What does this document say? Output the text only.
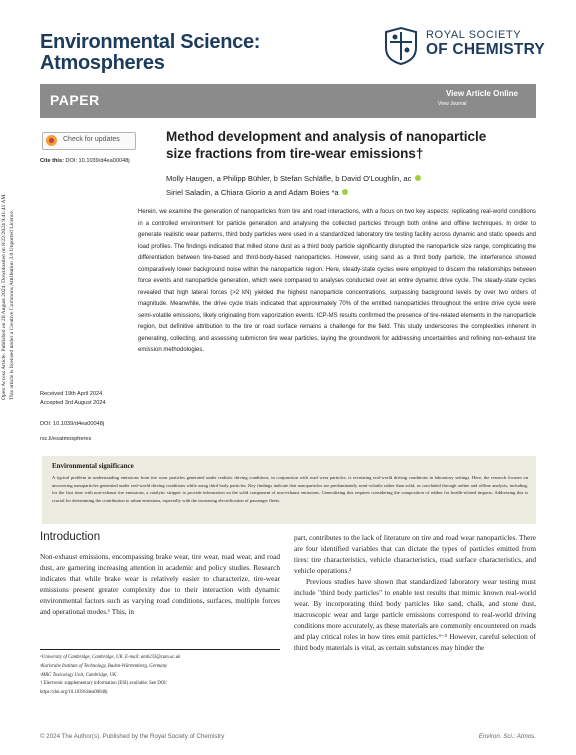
Environmental Science:
Atmospheres
ROYAL SOCIETY
OF CHEMISTRY
PAPER	View Article Online
View Journal
Open Access Article. Published on 20 August 2024. Downloaded on 8/22/2024 9:41:41 AM. This article is licensed under a Creative Commons Attribution 3.0 Unported Licence.
Check for updates
Cite this: DOI: 10.1039/d4ea00048j
Method development and analysis of nanoparticle size fractions from tire-wear emissions†
Molly Haugen, a Philipp Bühler, b Stefan Schläfle, b David O'Loughlin, ac
Siriel Saladin, a Chiara Giorio a and Adam Boies *a
Herein, we examine the generation of nanoparticles from tire and road interactions, with a focus on two key aspects: replicating real-world conditions in a controlled environment for particle generation and analysing the collected particles through both online and offline techniques. In order to generate realistic wear patterns, third body particles were used in a standardized laboratory tire testing facility across dynamic and static speeds and load profiles. The findings indicated that milled stone dust as a third body particle significantly disrupted the nanoparticle size range, complicating the differentiation between tire-based and third-body-based nanoparticles. However, using sand as a third body particle, the interference showed comparatively lower background noise within the nanoparticle region. Here, steady-state cycles were employed to discern the relationships between force events and nanoparticle generation, which were compared to analyses conducted over an entire dynamic drive cycle. The steady-state cycles revealed that high lateral forces (>2 kN) yielded the highest nanoparticle concentrations, surpassing background levels by over two orders of magnitude. Meanwhile, the drive cycle trials indicated that approximately 70% of the emitted nanoparticles throughout the entire drive cycle were semi-volatile emissions, likely originating from vaporization events. ICP-MS results confirmed the presence of tire-related elements in the nanoparticle region, but definitive attribution to the tire or road surface remains a challenge for the field. This study underscores the complexities inherent in generating, collecting, and assessing submicron tire wear particles, laying the groundwork for addressing uncertainties and refining non-exhaust tire emission methodologies.
Received 19th April 2024
Accepted 3rd August 2024
DOI: 10.1039/d4ea00048j
rsc.li/esatmospheres
Environmental significance
A typical problem in understanding emissions from tire wear particles generated under realistic driving conditions, in conjunction with road wear particles, is recreating real-world driving conditions in laboratory settings. Here, the research focuses on uncovering nanoparticles generated under real-world driving conditions while using third body particles. Key findings indicate that nanoparticles are predominantly semi-volatile rather than solid, as concluded through online and offline analysis, including, for the first time with non-exhaust tire emissions, a catalytic stripper to provide information on the solid component of non-exhaust emissions. Generalizing this requires considering the composition of rubber for health-related impacts. Addressing this is crucial for determining the contribution to urban emissions, especially with the increasing electrification of passenger fleets.
Introduction

Non-exhaust emissions, encompassing brake wear, tire wear, road wear, and road dust, are garnering increasing attention in academic and policy studies. Research indicates that while brake wear is relatively easier to characterize, tire-wear emissions present greater complexity due to their interaction with dynamic environmental factors such as varying road conditions, surfaces, multiple forces and operational modes.¹ This, in

part, contributes to the lack of literature on tire and road wear nanoparticles. There are four identified variables that can dictate the types of particles emitted from tires: tire characteristics, vehicle characteristics, road surface characteristics, and vehicle operations.²

Previous studies have shown that standardized laboratory wear testing must include "third body particles" to enable test results that mimic known real-world wear. By incorporating third body particles like sand, chalk, and stone dust, macroscopic wear and large particle emissions correspond to real-world driving conditions more accurately, as these materials are commonly encountered on roads and play critical roles in how tires emit particles.³⁻⁵ However, careful selection of third body materials is vital, as certain substances may hinder the

ᵃUniversity of Cambridge, Cambridge, UK. E-mail: amb233@cam.ac.uk
ᵇKarlsruhe Institute of Technology, Baden-Württemberg, Germany
ᶜMRC Toxicology Unit, Cambridge, UK
† Electronic supplementary information (ESI) available. See DOI:
https://doi.org/10.1039/d4ea00048j
© 2024 The Author(s). Published by the Royal Society of Chemistry	Environ. Sci.: Atmos.
